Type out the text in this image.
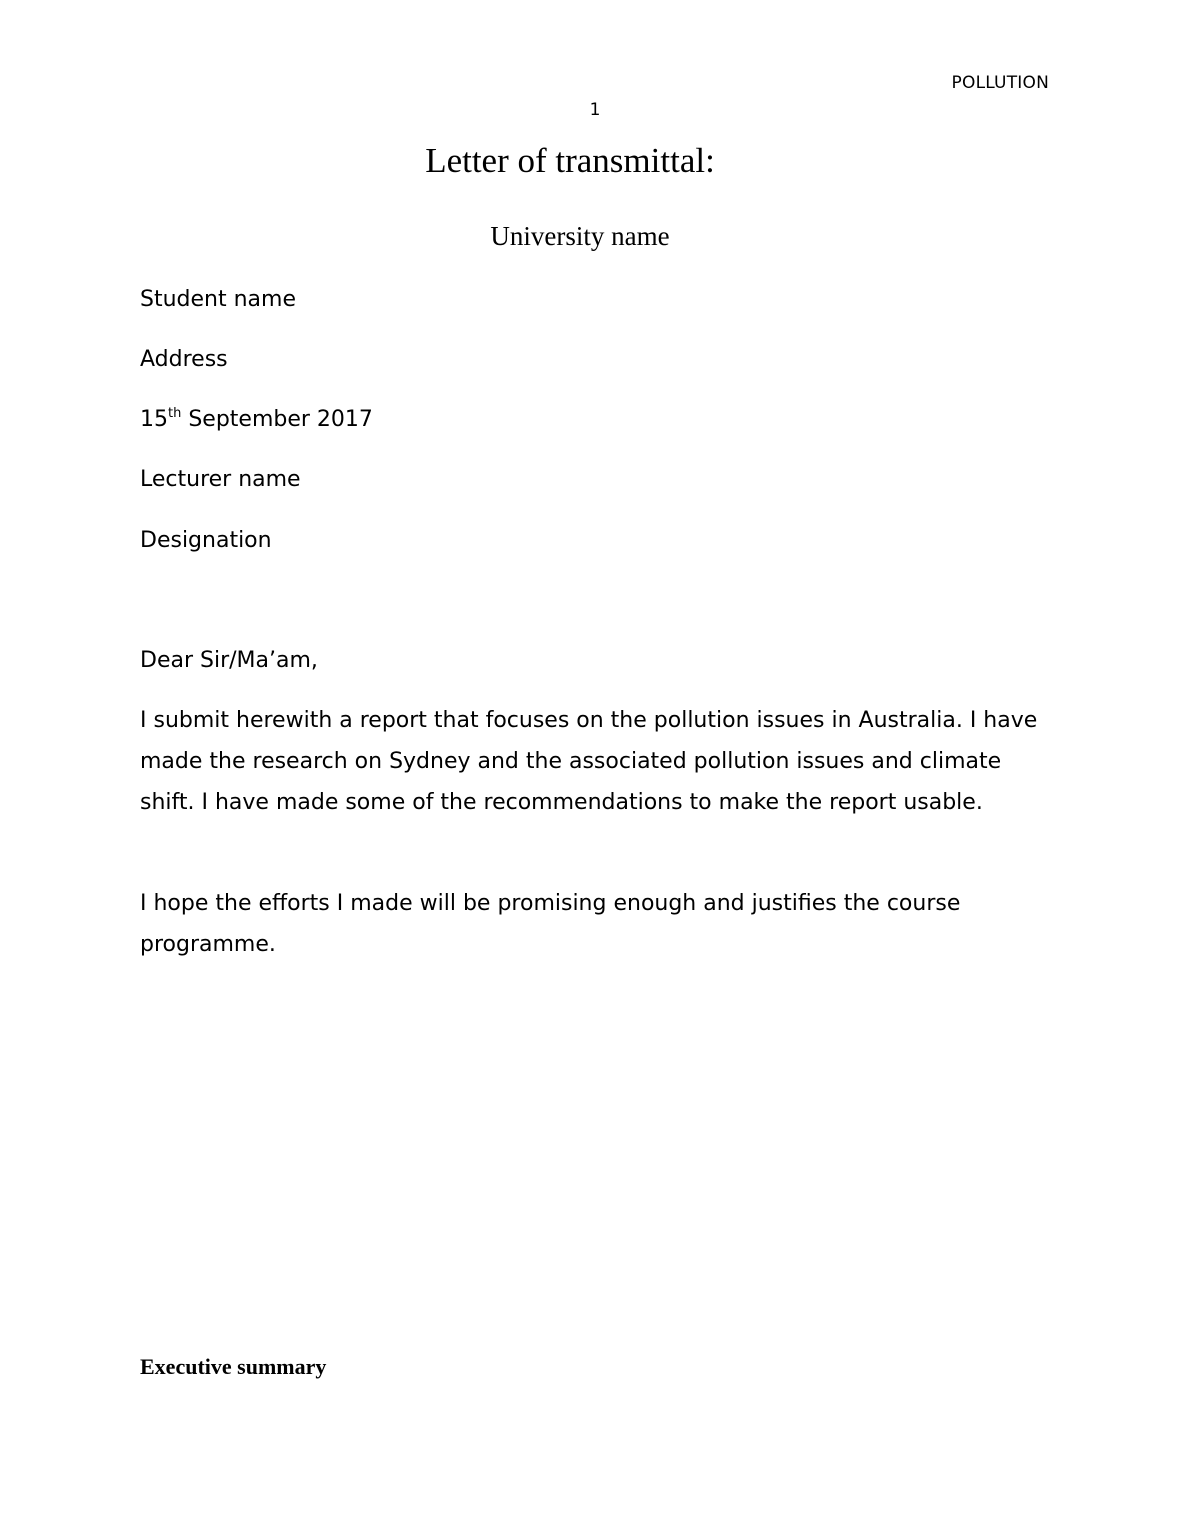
POLLUTION
1
Letter of transmittal:
University name
Student name
Address
15th September 2017
Lecturer name
Designation
Dear Sir/Ma’am,

I submit herewith a report that focuses on the pollution issues in Australia. I have made the research on Sydney and the associated pollution issues and climate shift. I have made some of the recommendations to make the report usable.

I hope the efforts I made will be promising enough and justifies the course programme.

Executive summary
